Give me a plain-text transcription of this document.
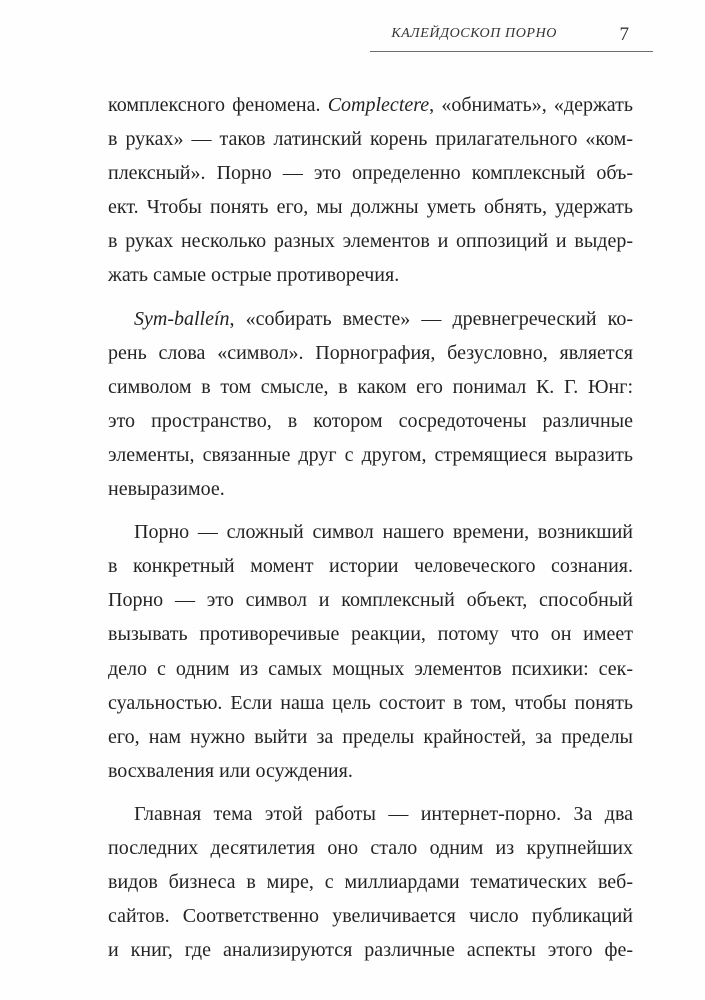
КАЛЕЙДОСКОП ПОРНО	7
комплексного феномена. Complectere, «обнимать», «держать
в руках» — таков латинский корень прилагательного «ком-
плексный». Порно — это определенно комплексный объ-
ект. Чтобы понять его, мы должны уметь обнять, удержать
в руках несколько разных элементов и оппозиций и выдер-
жать самые острые противоречия.
Sym-balleín, «собирать вместе» — древнегреческий ко-
рень слова «символ». Порнография, безусловно, является
символом в том смысле, в каком его понимал К. Г. Юнг:
это пространство, в котором сосредоточены различные
элементы, связанные друг с другом, стремящиеся выразить
невыразимое.
Порно — сложный символ нашего времени, возникший
в конкретный момент истории человеческого сознания.
Порно — это символ и комплексный объект, способный
вызывать противоречивые реакции, потому что он имеет
дело с одним из самых мощных элементов психики: сек-
суальностью. Если наша цель состоит в том, чтобы понять
его, нам нужно выйти за пределы крайностей, за пределы
восхваления или осуждения.
Главная тема этой работы — интернет-порно. За два
последних десятилетия оно стало одним из крупнейших
видов бизнеса в мире, с миллиардами тематических веб-
сайтов. Соответственно увеличивается число публикаций
и книг, где анализируются различные аспекты этого фе-
